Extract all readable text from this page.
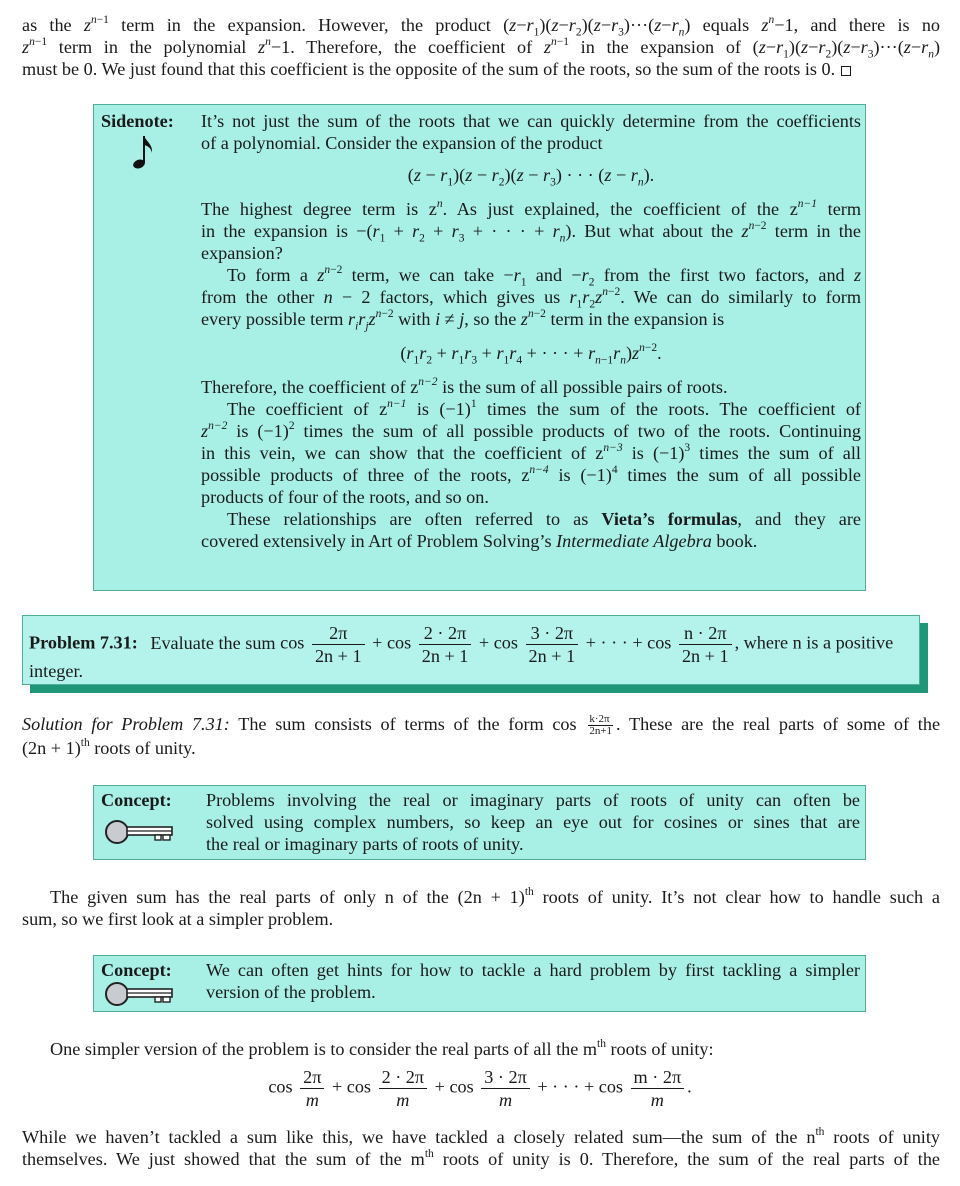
as the $z^{n-1}$ term in the expansion. However, the product $(z-r_1)(z-r_2)(z-r_3)\cdot\cdot\cdot(z-r_n)$ equals $z^n-1$, and there is no
$z^{n-1}$ term in the polynomial $z^n-1$. Therefore, the coefficient of $z^{n-1}$ in the expansion of $(z-r_1)(z-r_2)(z-r_3)\cdot\cdot\cdot(z-r_n)$
must be 0. We just found that this coefficient is the opposite of the sum of the roots, so the sum of the roots is 0.
Sidenote: It’s not just the sum of the roots that we can quickly determine from the coefficients
of a polynomial. Consider the expansion of the product
$(z - r_1)(z - r_2)(z - r_3)$ · · · $(z - r_n)$.
The highest degree term is $z^n$. As just explained, the coefficient of the $z^{n-1}$ term
in the expansion is $-(r_1 + r_2 + r_3$ + · · · + $r_n$). But what about the $z^{n-2}$ term in the
expansion?
To form a $z^{n-2}$ term, we can take $-r_1$ and $-r_2$ from the first two factors, and z
from the other n − 2 factors, which gives us $r_1r_2z^{n-2}$. We can do similarly to form
every possible term $r_ir_jz^{n-2}$ with i ≠ j, so the $z^{n-2}$ term in the expansion is
($r_1r_2 + r_1r_3 + r_1r_4$ + · · · + $r_{n-1}r_n)z^{n-2}$.
Therefore, the coefficient of $z^{n-2}$ is the sum of all possible pairs of roots.
The coefficient of $z^{n-1}$ is $(-1)^1$ times the sum of the roots. The coefficient of
$z^{n-2}$ is $(-1)^2$ times the sum of all possible products of two of the roots. Continuing
in this vein, we can show that the coefficient of $z^{n-3}$ is $(-1)^3$ times the sum of all
possible products of three of the roots, $z^{n-4}$ is $(-1)^4$ times the sum of all possible
products of four of the roots, and so on.
These relationships are often referred to as Vieta’s formulas, and they are
covered extensively in Art of Problem Solving’s Intermediate Algebra book.
Problem 7.31: Evaluate the sum $\cos \frac{2\pi}{2n + 1} + \cos \frac{2 \cdot 2\pi}{2n + 1} + \cos \frac{3 \cdot 2\pi}{2n + 1}$ + · · · + $\cos \frac{n \cdot 2\pi}{2n + 1}$ , where n is a positive
integer.
Solution for Problem 7.31: The sum consists of terms of the form $\cos \frac{k\cdot 2\pi}{2n+1}$ . These are the real parts of some of the
$(2n + 1)^{th}$ roots of unity.
Concept: Problems involving the real or imaginary parts of roots of unity can often be
solved using complex numbers, so keep an eye out for cosines or sines that are
the real or imaginary parts of roots of unity.
The given sum has the real parts of only n of the $(2n + 1)^{th}$ roots of unity. It’s not clear how to handle such a
sum, so we first look at a simpler problem.
Concept: We can often get hints for how to tackle a hard problem by first tackling a simpler
version of the problem.
One simpler version of the problem is to consider the real parts of all the $m^{th}$ roots of unity:
$\cos \frac{2\pi}{m} + \cos \frac{2 \cdot 2\pi}{m} + \cos \frac{3 \cdot 2\pi}{m}$ + · · · + $\cos \frac{m \cdot 2\pi}{m}$ .
While we haven’t tackled a sum like this, we have tackled a closely related sum—the sum of the $n^{th}$ roots of unity
themselves. We just showed that the sum of the $m^{th}$ roots of unity is 0. Therefore, the sum of the real parts of the
